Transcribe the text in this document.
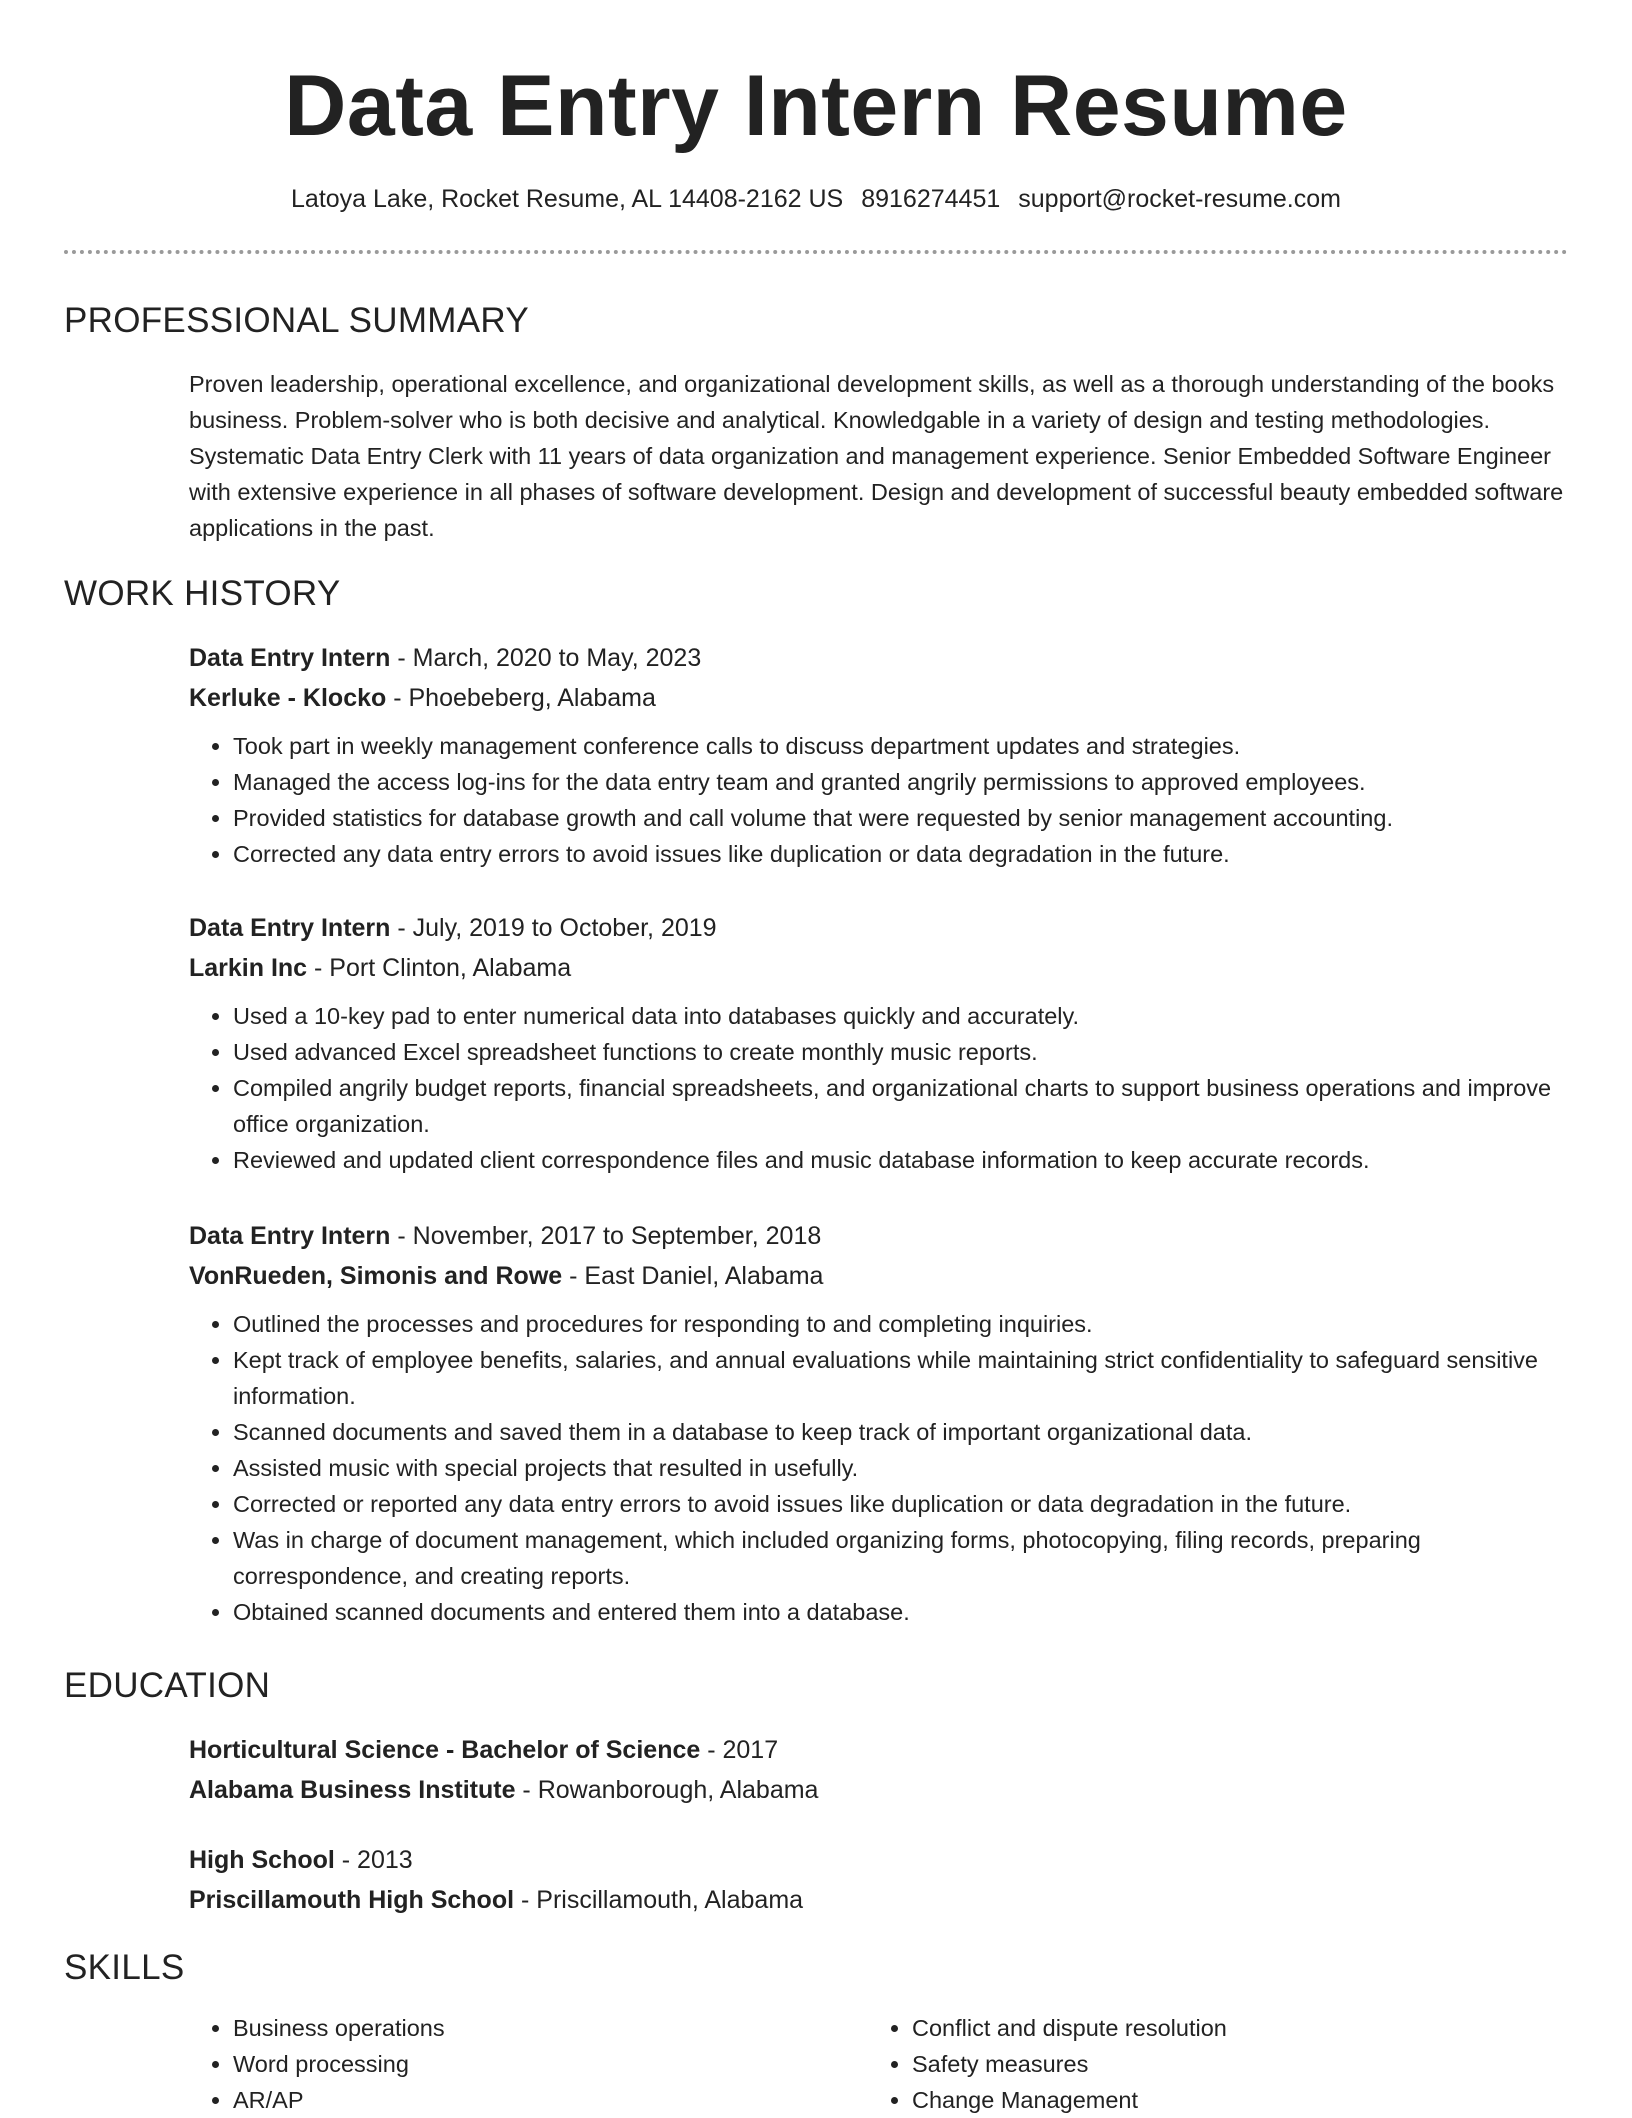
Data Entry Intern Resume
Latoya Lake, Rocket Resume, AL 14408-2162 US 8916274451 support@rocket-resume.com
PROFESSIONAL SUMMARY

Proven leadership, operational excellence, and organizational development skills, as well as a thorough understanding of the books business. Problem-solver who is both decisive and analytical. Knowledgable in a variety of design and testing methodologies. Systematic Data Entry Clerk with 11 years of data organization and management experience. Senior Embedded Software Engineer with extensive experience in all phases of software development. Design and development of successful beauty embedded software applications in the past.

WORK HISTORY

Data Entry Intern - March, 2020 to May, 2023

Kerluke - Klocko - Phoebeberg, Alabama

• Took part in weekly management conference calls to discuss department updates and strategies.
• Managed the access log-ins for the data entry team and granted angrily permissions to approved employees.
• Provided statistics for database growth and call volume that were requested by senior management accounting.
• Corrected any data entry errors to avoid issues like duplication or data degradation in the future.

Data Entry Intern - July, 2019 to October, 2019

Larkin Inc - Port Clinton, Alabama

• Used a 10-key pad to enter numerical data into databases quickly and accurately.
• Used advanced Excel spreadsheet functions to create monthly music reports.
• Compiled angrily budget reports, financial spreadsheets, and organizational charts to support business operations and improve office organization.
• Reviewed and updated client correspondence files and music database information to keep accurate records.

Data Entry Intern - November, 2017 to September, 2018

VonRueden, Simonis and Rowe - East Daniel, Alabama

• Outlined the processes and procedures for responding to and completing inquiries.
• Kept track of employee benefits, salaries, and annual evaluations while maintaining strict confidentiality to safeguard sensitive information.
• Scanned documents and saved them in a database to keep track of important organizational data.
• Assisted music with special projects that resulted in usefully.
• Corrected or reported any data entry errors to avoid issues like duplication or data degradation in the future.
• Was in charge of document management, which included organizing forms, photocopying, filing records, preparing correspondence, and creating reports.
• Obtained scanned documents and entered them into a database.
EDUCATION

Horticultural Science - Bachelor of Science - 2017

Alabama Business Institute - Rowanborough, Alabama

High School - 2013

Priscillamouth High School - Priscillamouth, Alabama

SKILLS
• Business operations
• Word processing
• AR/AP
• Conflict and dispute resolution
• Safety measures
• Change Management
